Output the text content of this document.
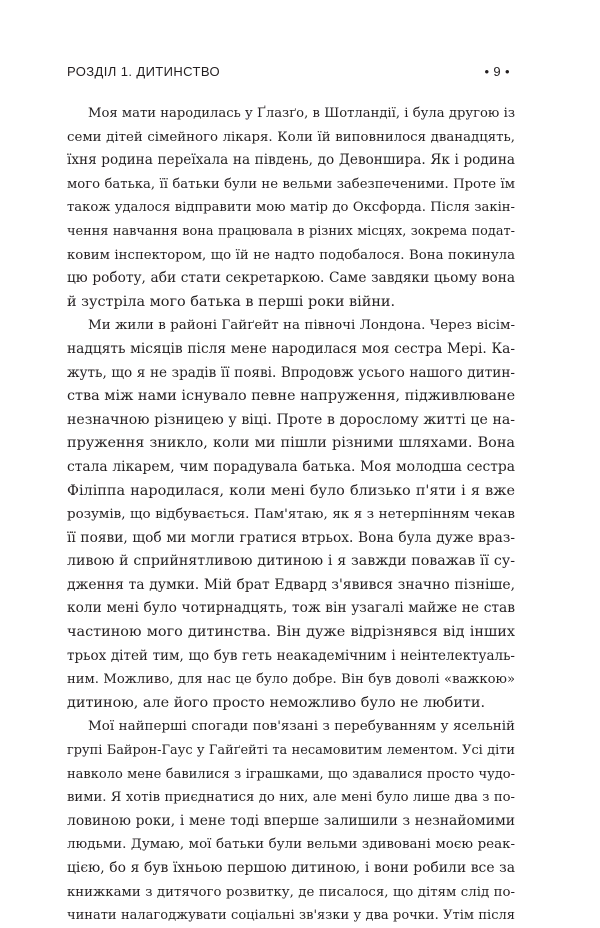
РОЗДІЛ 1. ДИТИНСТВО	• 9 •
Моя мати народилась у Ґлазґо, в Шотландії, і була другою із
семи дітей сімейного лікаря. Коли їй виповнилося дванадцять,
їхня родина переїхала на південь, до Девоншира. Як і родина
мого батька, її батьки були не вельми забезпеченими. Проте їм
також удалося відправити мою матір до Оксфорда. Після закін-
чення навчання вона працювала в різних місцях, зокрема подат-
ковим інспектором, що їй не надто подобалося. Вона покинула
цю роботу, аби стати секретаркою. Саме завдяки цьому вона
й зустріла мого батька в перші роки війни.
Ми жили в районі Гайґейт на півночі Лондона. Через вісім-
надцять місяців після мене народилася моя сестра Мері. Ка-
жуть, що я не зрадів її появі. Впродовж усього нашого дитин-
ства між нами існувало певне напруження, підживлюване
незначною різницею у віці. Проте в дорослому житті це на-
пруження зникло, коли ми пішли різними шляхами. Вона
стала лікарем, чим порадувала батька. Моя молодша сестра
Філіппа народилася, коли мені було близько п'яти і я вже
розумів, що відбувається. Пам'ятаю, як я з нетерпінням чекав
її появи, щоб ми могли гратися втрьох. Вона була дуже враз-
ливою й сприйнятливою дитиною і я завжди поважав її су-
дження та думки. Мій брат Едвард з'явився значно пізніше,
коли мені було чотирнадцять, тож він узагалі майже не став
частиною мого дитинства. Він дуже відрізнявся від інших
трьох дітей тим, що був геть неакадемічним і неінтелектуаль-
ним. Можливо, для нас це було добре. Він був доволі «важкою»
дитиною, але його просто неможливо було не любити.
Мої найперші спогади пов'язані з перебуванням у ясельній
групі Байрон-Гаус у Гайґейті та несамовитим лементом. Усі діти
навколо мене бавилися з іграшками, що здавалися просто чудо-
вими. Я хотів приєднатися до них, але мені було лише два з по-
ловиною роки, і мене тоді вперше залишили з незнайомими
людьми. Думаю, мої батьки були вельми здивовані моєю реак-
цією, бо я був їхньою першою дитиною, і вони робили все за
книжками з дитячого розвитку, де писалося, що дітям слід по-
чинати налагоджувати соціальні зв'язки у два рочки. Утім після
